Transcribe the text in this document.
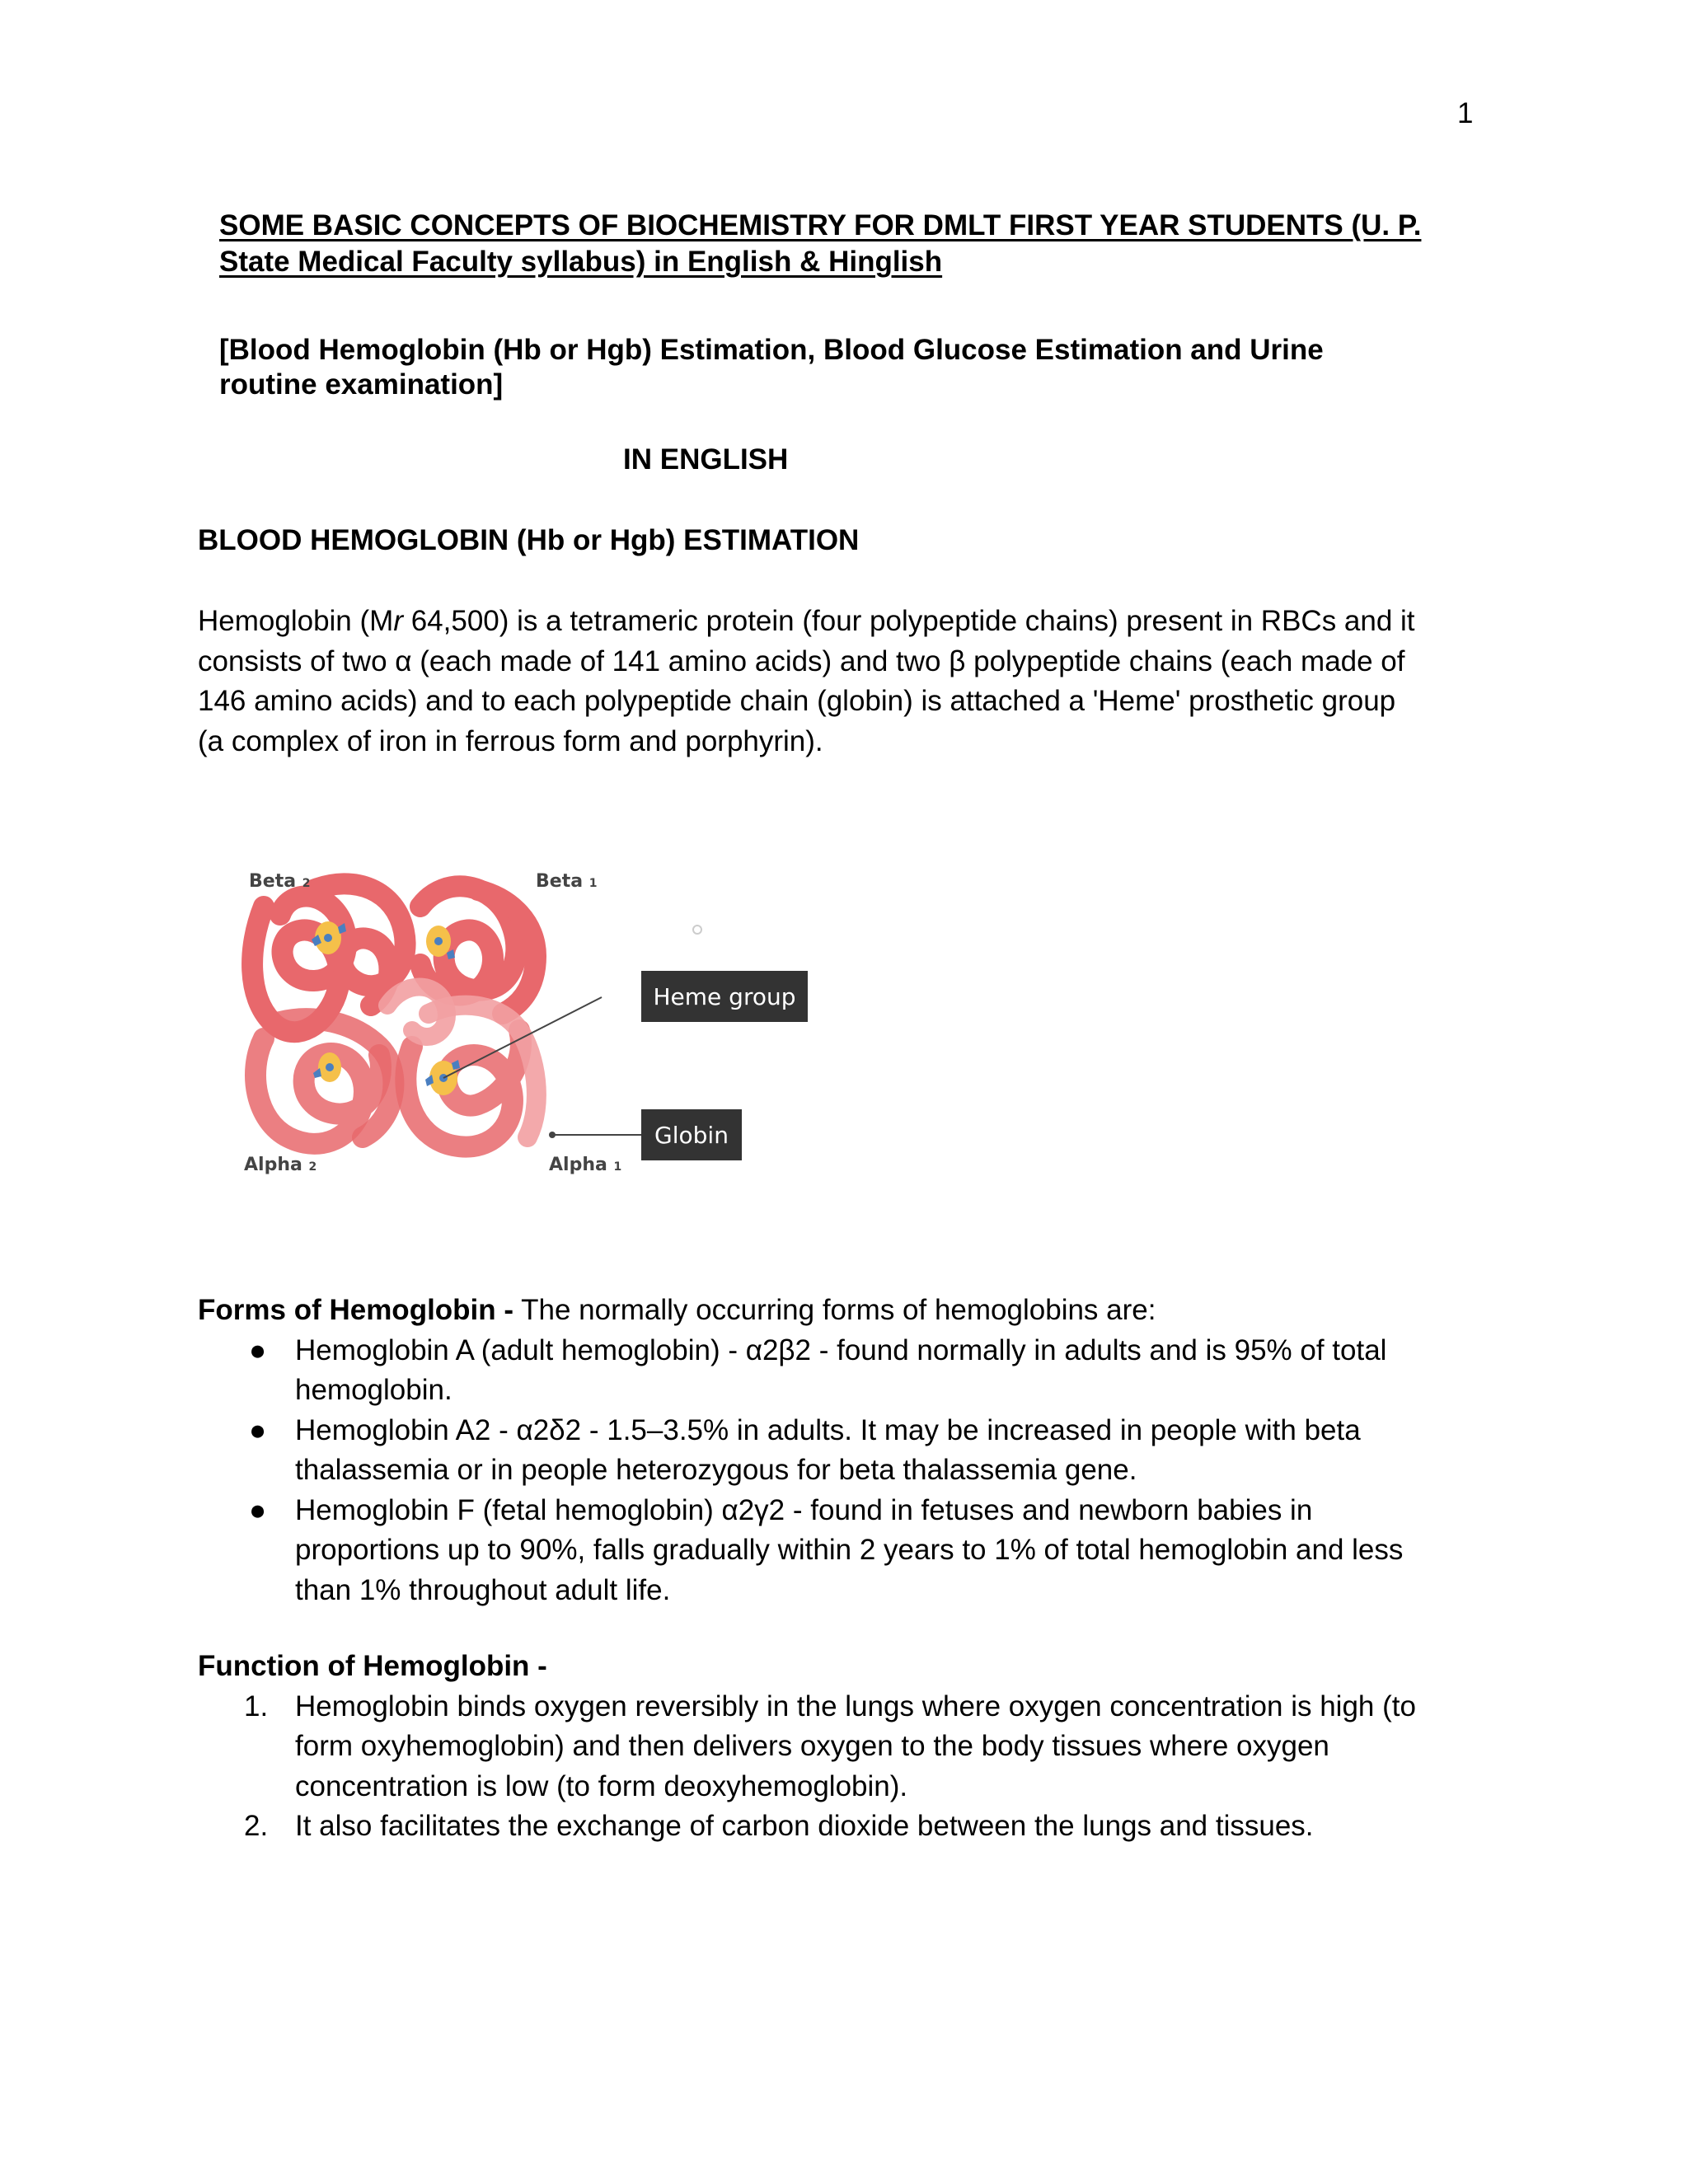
1
SOME BASIC CONCEPTS OF BIOCHEMISTRY FOR DMLT FIRST YEAR STUDENTS (U. P.
State Medical Faculty syllabus) in English & Hinglish
[Blood Hemoglobin (Hb or Hgb) Estimation, Blood Glucose Estimation and Urine
routine examination]
IN ENGLISH
BLOOD HEMOGLOBIN (Hb or Hgb) ESTIMATION
Hemoglobin (Mr 64,500) is a tetrameric protein (four polypeptide chains) present in RBCs and it
consists of two α (each made of 141 amino acids) and two β polypeptide chains (each made of
146 amino acids) and to each polypeptide chain (globin) is attached a 'Heme' prosthetic group
(a complex of iron in ferrous form and porphyrin).
Beta 2	Beta 1
Alpha 2	Alpha 1
Heme group
Globin
Forms of Hemoglobin - The normally occurring forms of hemoglobins are:
● Hemoglobin A (adult hemoglobin) - α2β2 - found normally in adults and is 95% of total
hemoglobin.
● Hemoglobin A2 - α2δ2 - 1.5–3.5% in adults. It may be increased in people with beta
thalassemia or in people heterozygous for beta thalassemia gene.
● Hemoglobin F (fetal hemoglobin) α2γ2 - found in fetuses and newborn babies in
proportions up to 90%, falls gradually within 2 years to 1% of total hemoglobin and less
than 1% throughout adult life.
Function of Hemoglobin -
1. Hemoglobin binds oxygen reversibly in the lungs where oxygen concentration is high (to
form oxyhemoglobin) and then delivers oxygen to the body tissues where oxygen
concentration is low (to form deoxyhemoglobin).
2. It also facilitates the exchange of carbon dioxide between the lungs and tissues.
